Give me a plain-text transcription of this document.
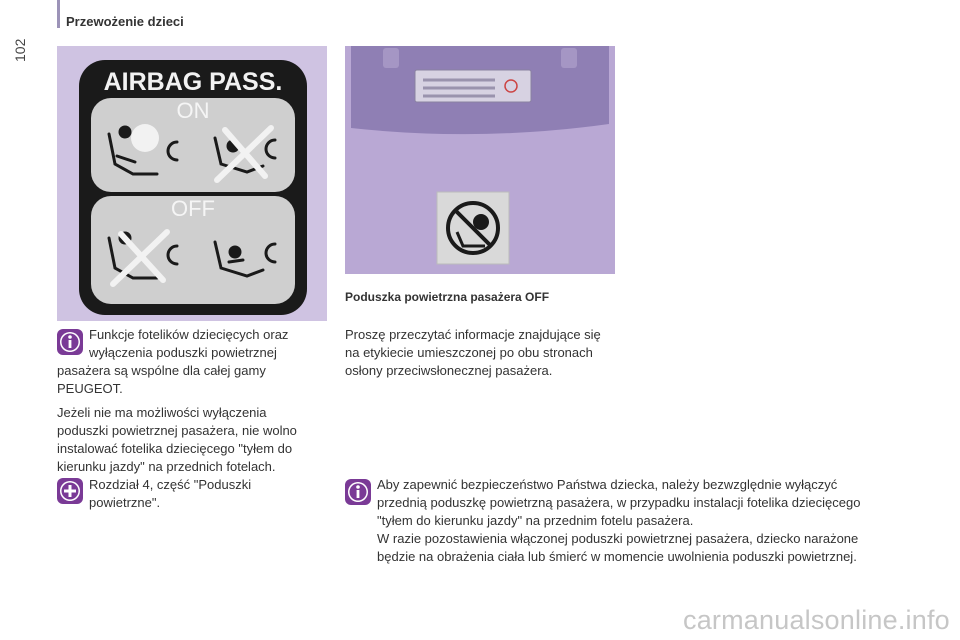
102
Przewożenie dzieci
AIRBAG PASS.
ON
OFF
Poduszka powietrzna pasażera OFF

Rozdział 4, część "Poduszki powietrzne".

Proszę przeczytać informacje znajdujące się na etykiecie umieszczonej po obu stronach osłony przeciwsłonecznej pasażera.

Aby zapewnić bezpieczeństwo Państwa dziecka, należy bezwzględnie wyłączyć przednią poduszkę powietrzną pasażera, w przypadku instalacji fotelika dziecięcego "tyłem do kierunku jazdy" na przednim fotelu pasażera.

W razie pozostawienia włączonej poduszki powietrznej pasażera, dziecko narażone będzie na obrażenia ciała lub śmierć w momencie uwolnienia poduszki powietrznej.

carmanualsonline.info
Funkcje fotelików dziecięcych oraz wyłączenia poduszki powietrznej pasażera są wspólne dla całej gamy PEUGEOT.
Jeżeli nie ma możliwości wyłączenia poduszki powietrznej pasażera, nie wolno instalować fotelika dziecięcego "tyłem do kierunku jazdy" na przednich fotelach.
